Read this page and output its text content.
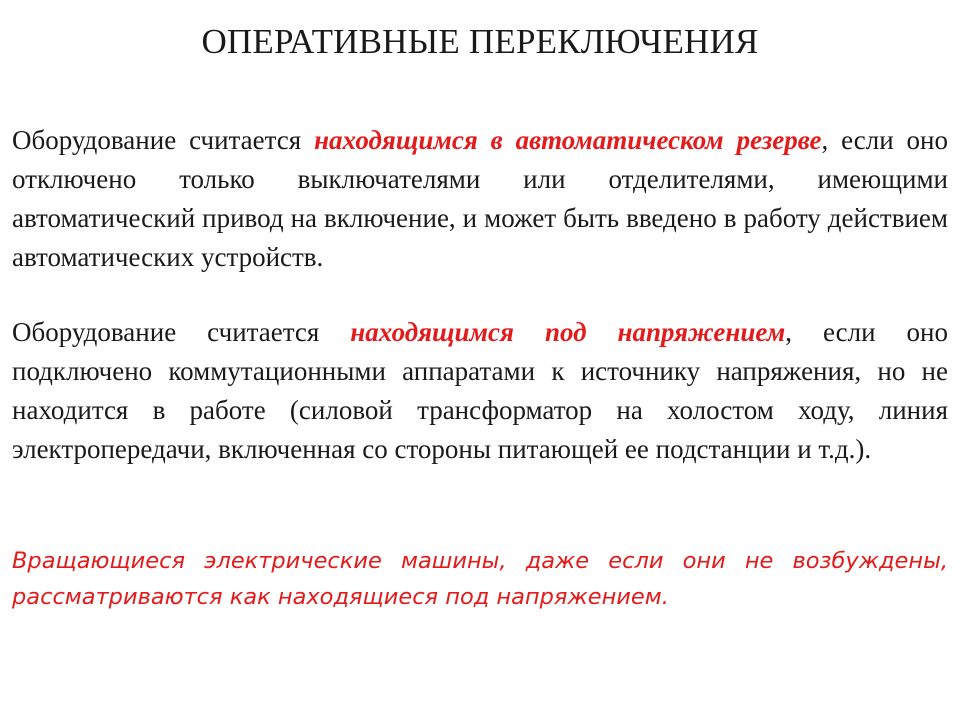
ОПЕРАТИВНЫЕ ПЕРЕКЛЮЧЕНИЯ

Оборудование считается находящимся в автоматическом резерве, если оно отключено только выключателями или отделителями, имеющими автоматический привод на включение, и может быть введено в работу действием автоматических устройств.

Оборудование считается находящимся под напряжением, если оно подключено коммутационными аппаратами к источнику напряжения, но не находится в работе (силовой трансформатор на холостом ходу, линия электропередачи, включенная со стороны питающей ее подстанции и т.д.).

Вращающиеся электрические машины, даже если они не возбуждены, рассматриваются как находящиеся под напряжением.
